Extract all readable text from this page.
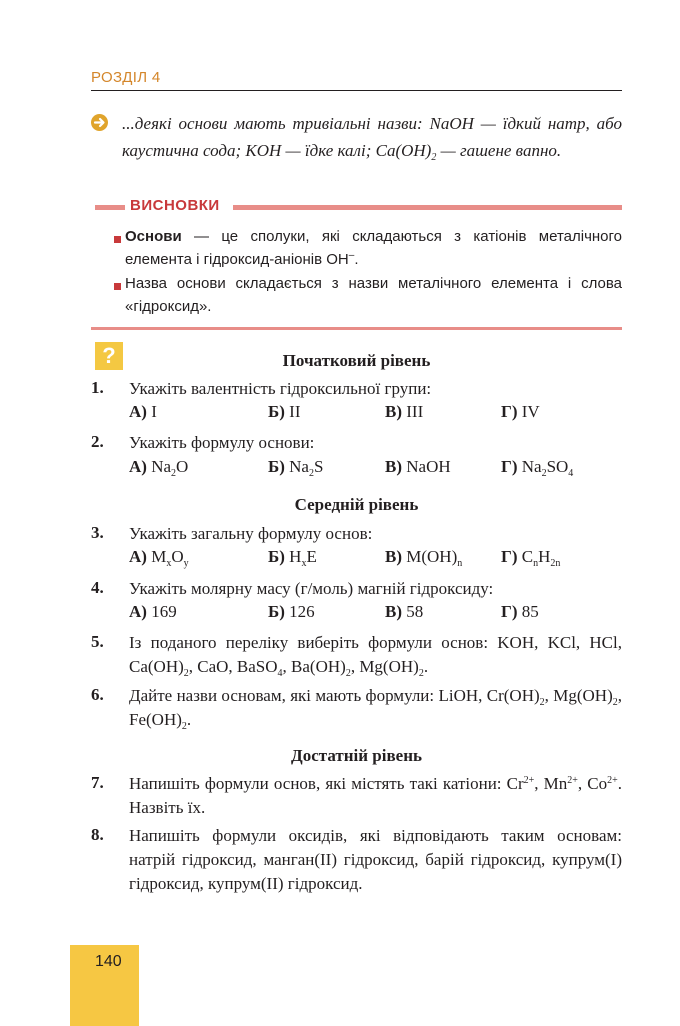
РОЗДІЛ 4
...деякі основи мають тривіальні назви: NaOH — їдкий натр, або каустична сода; KOH — їдке калі; $Ca(OH)_2$ — гашене вапно.
ВИСНОВКИ
Основи — це сполуки, які складаються з катіонів металічного елемента і гідроксид-аніонів OH–.
Назва основи складається з назви металічного елемента і слова «гідроксид».
?	Початковий рівень
1. Укажіть валентність гідроксильної групи:
А) I	Б) II	В) III	Г) IV
2. Укажіть формулу основи:
А) $Na_2O$	Б) $Na_2S$	В) NaOH	Г) $Na_2SO_4$
Середній рівень
3. Укажіть загальну формулу основ:
А) $M_xO_y$	Б) $H_xE$	В) $M(OH)_n$ Г) $C_nH_{2n}$
4. Укажіть молярну масу (г/моль) магній гідроксиду:
А) 169	Б) 126	В) 58	Г) 85
5. Із поданого переліку виберіть формули основ: KOH, KCl, HCl, $Ca(OH)_2$, CaO, BaSO$_4$, $Ba(OH)_2$, $Mg(OH)_2$.
6. Дайте назви основам, які мають формули: LiOH, $Cr(OH)_2$, $Mg(OH)_2$, $Fe(OH)_2$.
Достатній рівень
7. Напишіть формули основ, які містять такі катіони: $Cr^{2+}$, $Mn^{2+}$, $Co^{2+}$. Назвіть їх.
8. Напишіть формули оксидів, які відповідають таким основам: натрій гідроксид, манган(II) гідроксид, барій гідроксид, купрум(I) гідроксид, купрум(II) гідроксид.
140
